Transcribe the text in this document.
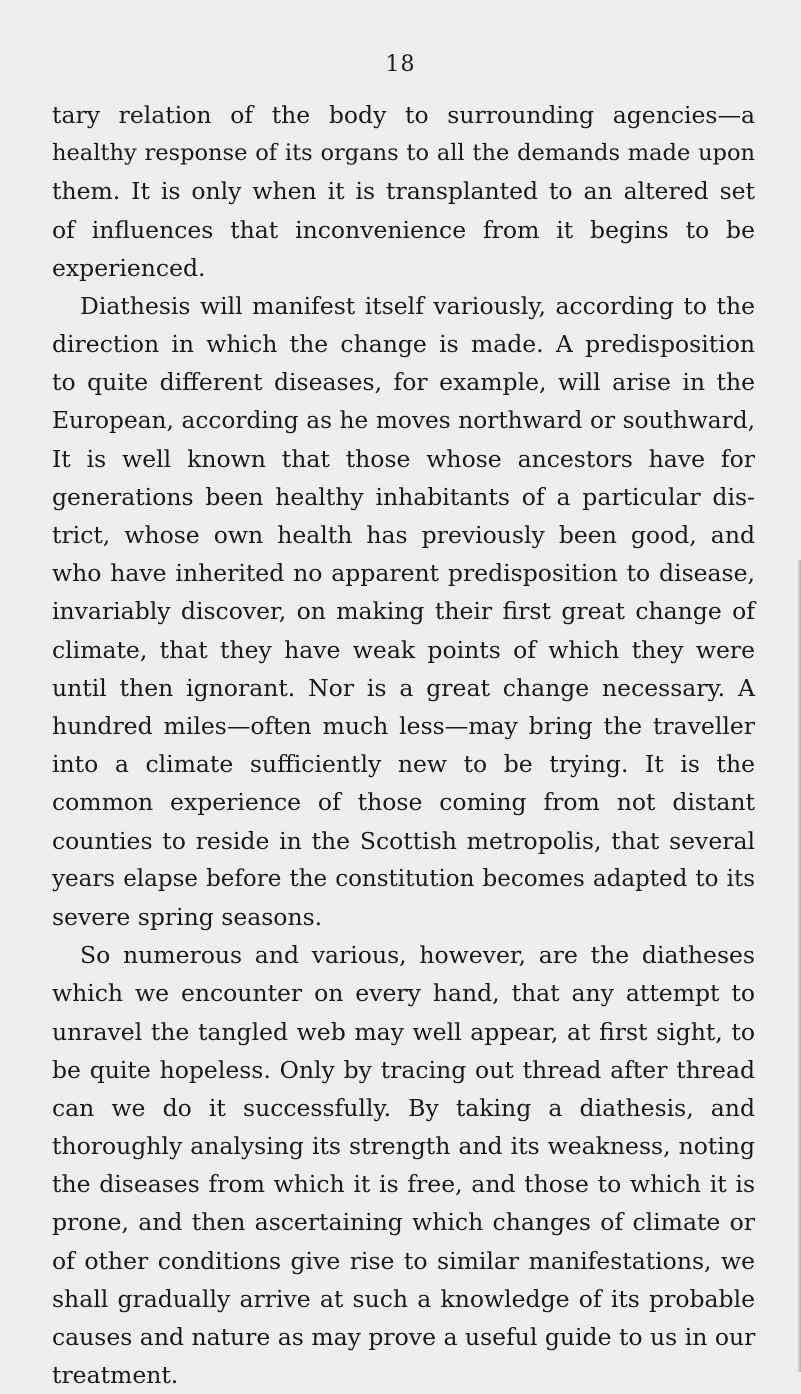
18
tary relation of the body to surrounding agencies—a
healthy response of its organs to all the demands made upon
them. It is only when it is transplanted to an altered set
of influences that inconvenience from it begins to be
experienced.
Diathesis will manifest itself variously, according to the
direction in which the change is made. A predisposition
to quite different diseases, for example, will arise in the
European, according as he moves northward or southward,
It is well known that those whose ancestors have for
generations been healthy inhabitants of a particular dis-
trict, whose own health has previously been good, and
who have inherited no apparent predisposition to disease,
invariably discover, on making their first great change of
climate, that they have weak points of which they were
until then ignorant. Nor is a great change necessary. A
hundred miles—often much less—may bring the traveller
into a climate sufficiently new to be trying. It is the
common experience of those coming from not distant
counties to reside in the Scottish metropolis, that several
years elapse before the constitution becomes adapted to its
severe spring seasons.
So numerous and various, however, are the diatheses
which we encounter on every hand, that any attempt to
unravel the tangled web may well appear, at first sight, to
be quite hopeless. Only by tracing out thread after thread
can we do it successfully. By taking a diathesis, and
thoroughly analysing its strength and its weakness, noting
the diseases from which it is free, and those to which it is
prone, and then ascertaining which changes of climate or
of other conditions give rise to similar manifestations, we
shall gradually arrive at such a knowledge of its probable
causes and nature as may prove a useful guide to us in our
treatment.
